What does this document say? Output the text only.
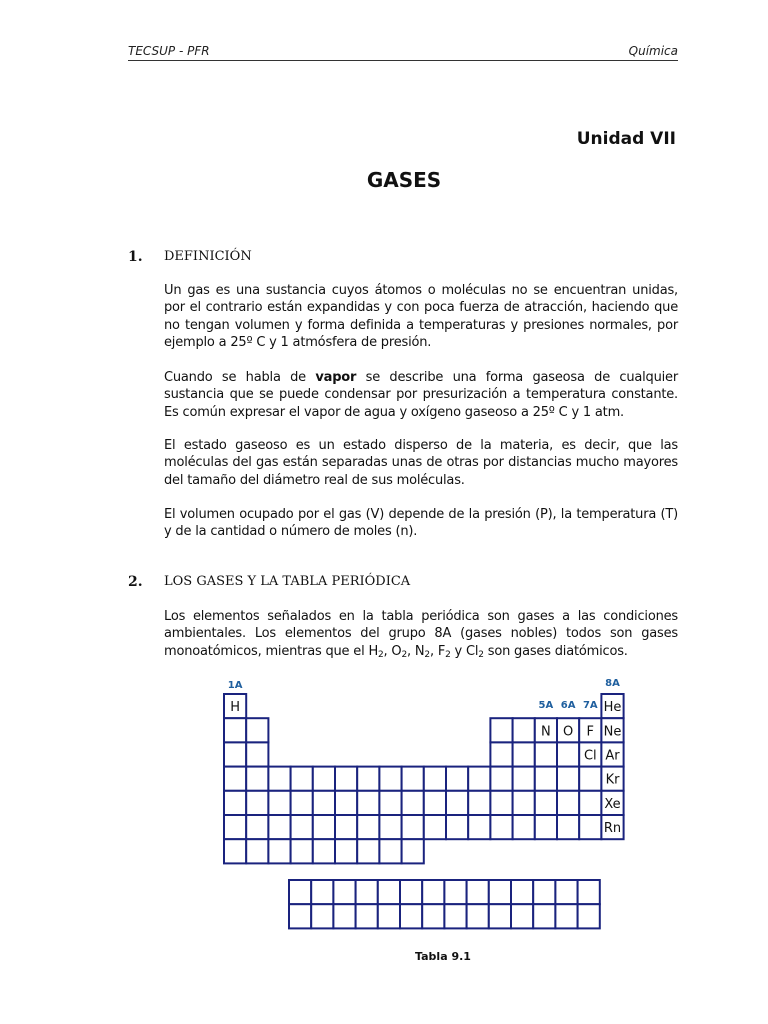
TECSUP - PFR	Química
Unidad VII
GASES
1. DEFINICIÓN
Un gas es una sustancia cuyos átomos o moléculas no se encuentran unidas, por el contrario están expandidas y con poca fuerza de atracción, haciendo que no tengan volumen y forma definida a temperaturas y presiones normales, por ejemplo a 25º C y 1 atmósfera de presión.
Cuando se habla de vapor se describe una forma gaseosa de cualquier sustancia que se puede condensar por presurización a temperatura constante. Es común expresar el vapor de agua y oxígeno gaseoso a 25º C y 1 atm.
El estado gaseoso es un estado disperso de la materia, es decir, que las moléculas del gas están separadas unas de otras por distancias mucho mayores del tamaño del diámetro real de sus moléculas.
El volumen ocupado por el gas (V) depende de la presión (P), la temperatura (T) y de la cantidad o número de moles (n).
2. LOS GASES Y LA TABLA PERIÓDICA
Los elementos señalados en la tabla periódica son gases a las condiciones ambientales. Los elementos del grupo 8A (gases nobles) todos son gases monoatómicos, mientras que el $H_2$, $O_2$, $N_2$, $F_2$ y $Cl_2$ son gases diatómicos.
H	He
N O F Ne
Cl Ar
Kr
Xe
Rn
1A
5A 6A 7A
8A
Tabla 9.1
